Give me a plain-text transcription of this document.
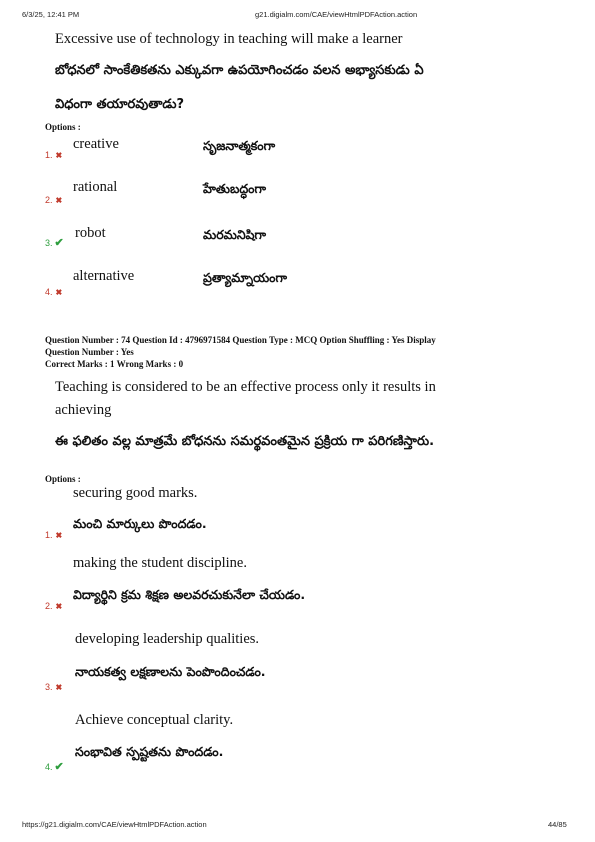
6/3/25, 12:41 PM	g21.digialm.com/CAE/viewHtmlPDFAction.action
Excessive use of technology in teaching will make a learner
బోధనలో సాంకేతికతను ఎక్కువగా ఉపయోగించడం వలన అభ్యాసకుడు ఏ
విధంగా తయారవుతాడు?
Options :
creative	సృజనాత్మకంగా
1. ✖
rational	హేతుబద్ధంగా
2. ✖
robot	మరమనిషిగా
3. ✔
alternative	ప్రత్యామ్నాయంగా
4. ✖
Question Number : 74 Question Id : 4796971584 Question Type : MCQ Option Shuffling : Yes Display
Question Number : Yes
Correct Marks : 1 Wrong Marks : 0
Teaching is considered to be an effective process only it results in
achieving
ఈ ఫలితం వల్ల మాత్రమే బోధనను సమర్థవంతమైన ప్రక్రియ గా పరిగణిస్తారు.
Options :
securing good marks.
మంచి మార్కులు పొందడం.
1. ✖
making the student discipline.
విద్యార్థిని క్రమ శిక్షణ అలవరచుకునేలా చేయడం.
2. ✖
developing leadership qualities.
నాయకత్వ లక్షణాలను పెంపొందించడం.
3. ✖
Achieve conceptual clarity.
సంభావిత స్పష్టతను పొందడం.
4. ✔
https://g21.digialm.com/CAE/viewHtmlPDFAction.action	44/85
